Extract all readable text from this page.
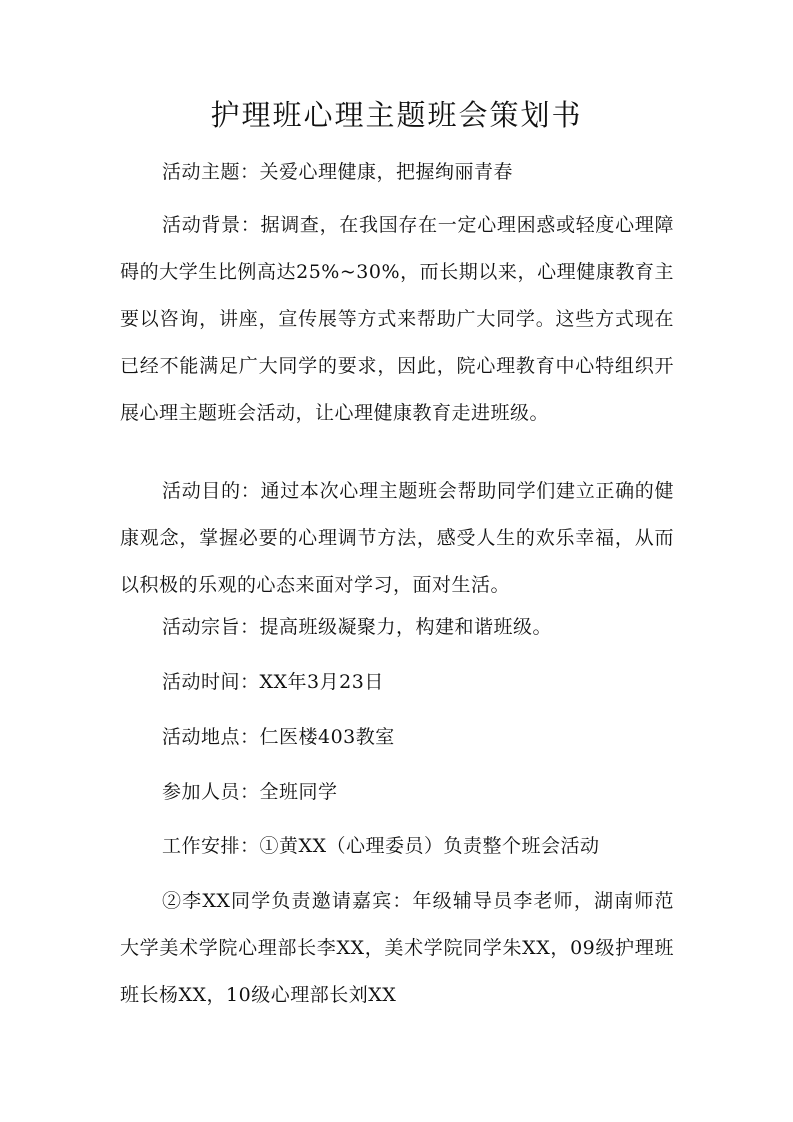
护理班心理主题班会策划书

活动主题：关爱心理健康，把握绚丽青春

活动背景：据调查，在我国存在一定心理困惑或轻度心理障碍的大学生比例高达25%~30%，而长期以来，心理健康教育主要以咨询，讲座，宣传展等方式来帮助广大同学。这些方式现在已经不能满足广大同学的要求，因此，院心理教育中心特组织开展心理主题班会活动，让心理健康教育走进班级。

活动目的：通过本次心理主题班会帮助同学们建立正确的健康观念，掌握必要的心理调节方法，感受人生的欢乐幸福，从而以积极的乐观的心态来面对学习，面对生活。

活动宗旨：提高班级凝聚力，构建和谐班级。

活动时间：XX年3月23日

活动地点：仁医楼403教室

参加人员：全班同学

工作安排：①黄XX（心理委员）负责整个班会活动

②李XX同学负责邀请嘉宾：年级辅导员李老师，湖南师范大学美术学院心理部长李XX，美术学院同学朱XX，09级护理班班长杨XX，10级心理部长刘XX
